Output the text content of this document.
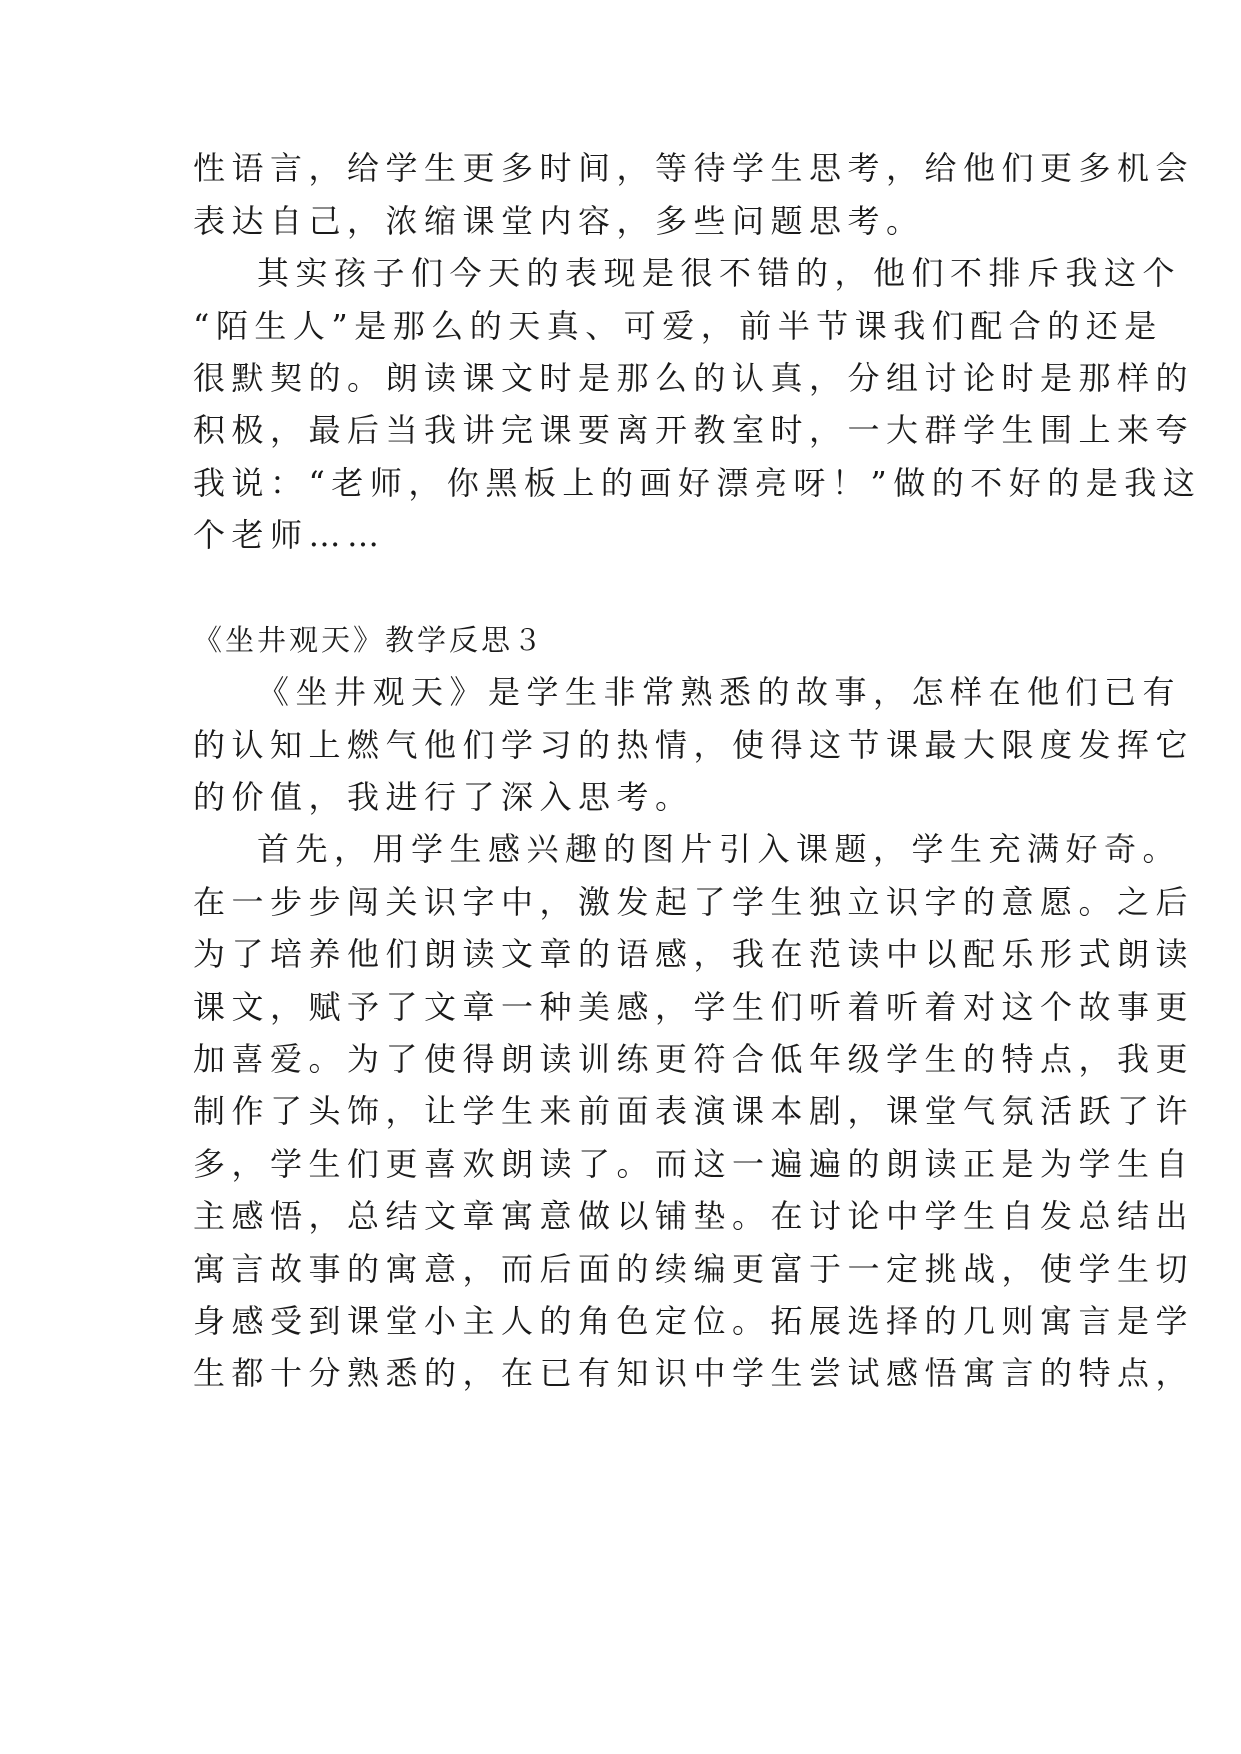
性语言，给学生更多时间，等待学生思考，给他们更多机会
表达自己，浓缩课堂内容，多些问题思考。
其实孩子们今天的表现是很不错的，他们不排斥我这个
“陌生人”是那么的天真、可爱，前半节课我们配合的还是
很默契的。朗读课文时是那么的认真，分组讨论时是那样的
积极，最后当我讲完课要离开教室时，一大群学生围上来夸
我说：“老师，你黑板上的画好漂亮呀！”做的不好的是我这
个老师……
《坐井观天》教学反思３
《坐井观天》是学生非常熟悉的故事，怎样在他们已有
的认知上燃气他们学习的热情，使得这节课最大限度发挥它
的价值，我进行了深入思考。
首先，用学生感兴趣的图片引入课题，学生充满好奇。
在一步步闯关识字中，激发起了学生独立识字的意愿。之后
为了培养他们朗读文章的语感，我在范读中以配乐形式朗读
课文，赋予了文章一种美感，学生们听着听着对这个故事更
加喜爱。为了使得朗读训练更符合低年级学生的特点，我更
制作了头饰，让学生来前面表演课本剧，课堂气氛活跃了许
多，学生们更喜欢朗读了。而这一遍遍的朗读正是为学生自
主感悟，总结文章寓意做以铺垫。在讨论中学生自发总结出
寓言故事的寓意，而后面的续编更富于一定挑战，使学生切
身感受到课堂小主人的角色定位。拓展选择的几则寓言是学
生都十分熟悉的，在已有知识中学生尝试感悟寓言的特点，
